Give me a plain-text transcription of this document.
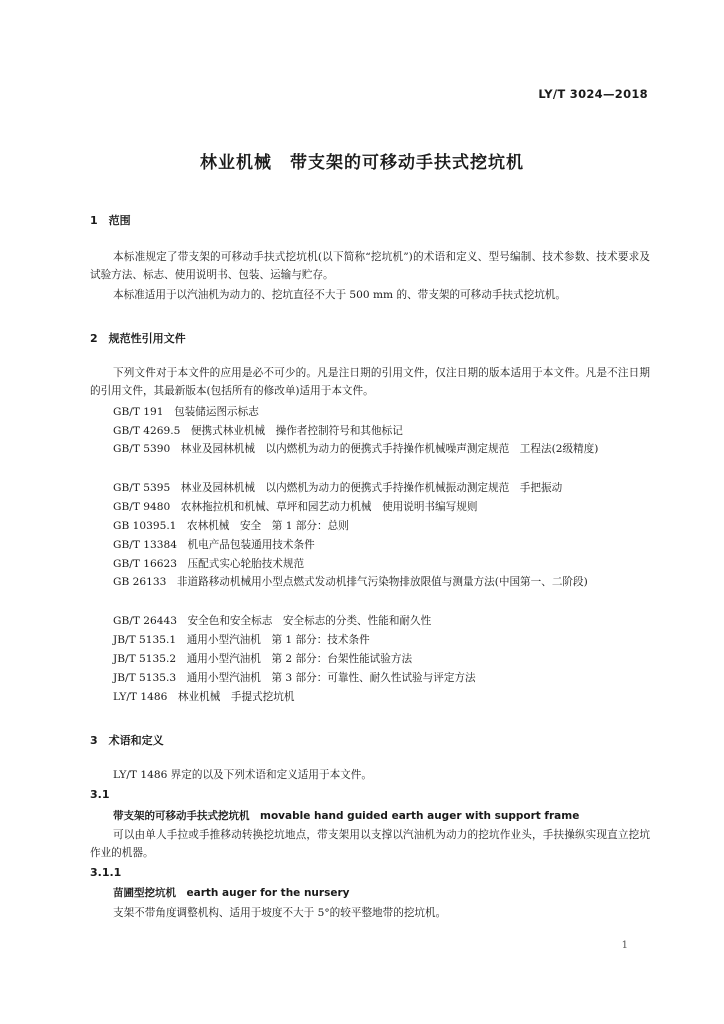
LY/T 3024—2018
林业机械　带支架的可移动手扶式挖坑机
1　范围
本标准规定了带支架的可移动手扶式挖坑机(以下简称“挖坑机”)的术语和定义、型号编制、技术参数、技术要求及试验方法、标志、使用说明书、包装、运输与贮存。
本标准适用于以汽油机为动力的、挖坑直径不大于 500 mm 的、带支架的可移动手扶式挖坑机。
2　规范性引用文件
下列文件对于本文件的应用是必不可少的。凡是注日期的引用文件，仅注日期的版本适用于本文件。凡是不注日期的引用文件，其最新版本(包括所有的修改单)适用于本文件。
GB/T 191　包装储运图示标志
GB/T 4269.5　便携式林业机械　操作者控制符号和其他标记
GB/T 5390　林业及园林机械　以内燃机为动力的便携式手持操作机械噪声测定规范　工程法(2级精度)
GB/T 5395　林业及园林机械　以内燃机为动力的便携式手持操作机械振动测定规范　手把振动
GB/T 9480　农林拖拉机和机械、草坪和园艺动力机械　使用说明书编写规则
GB 10395.1　农林机械　安全　第 1 部分：总则
GB/T 13384　机电产品包装通用技术条件
GB/T 16623　压配式实心轮胎技术规范
GB 26133　非道路移动机械用小型点燃式发动机排气污染物排放限值与测量方法(中国第一、二阶段)
GB/T 26443　安全色和安全标志　安全标志的分类、性能和耐久性
JB/T 5135.1　通用小型汽油机　第 1 部分：技术条件
JB/T 5135.2　通用小型汽油机　第 2 部分：台架性能试验方法
JB/T 5135.3　通用小型汽油机　第 3 部分：可靠性、耐久性试验与评定方法
LY/T 1486　林业机械　手提式挖坑机
3　术语和定义
LY/T 1486 界定的以及下列术语和定义适用于本文件。
3.1
带支架的可移动手扶式挖坑机　movable hand guided earth auger with support frame
可以由单人手拉或手推移动转换挖坑地点，带支架用以支撑以汽油机为动力的挖坑作业头，手扶操纵实现直立挖坑作业的机器。
3.1.1
苗圃型挖坑机　earth auger for the nursery
支架不带角度调整机构、适用于坡度不大于 5°的较平整地带的挖坑机。
1
